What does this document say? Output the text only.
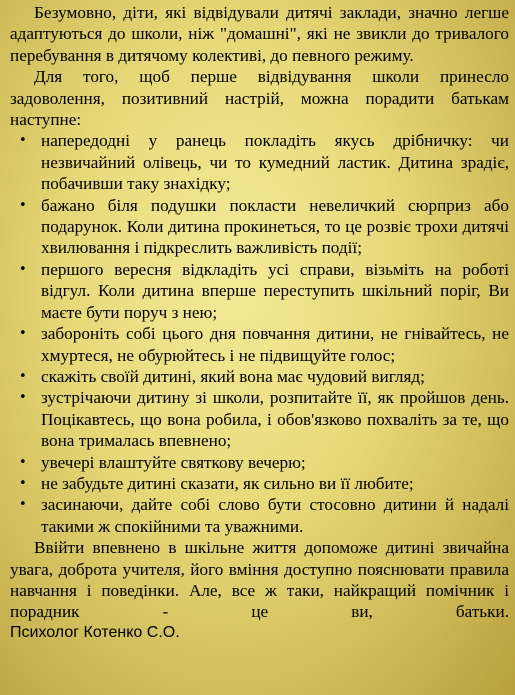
Безумовно, діти, які відвідували дитячі заклади, значно легше адаптуються до школи, ніж "домашні", які не звикли до тривалого перебування в дитячому колективі, до певного режиму.

Для того, щоб перше відвідування школи принесло задоволення, позитивний настрій, можна порадити батькам наступне:

• напередодні у ранець покладіть якусь дрібничку: чи незвичайний олівець, чи то кумедний ластик. Дитина зрадіє, побачивши таку знахідку;
• бажано біля подушки покласти невеличкий сюрприз або подарунок. Коли дитина прокинеться, то це розвіє трохи дитячі хвилювання і підкреслить важливість події;
• першого вересня відкладіть усі справи, візьміть на роботі відгул. Коли дитина вперше переступить шкільний поріг, Ви маєте бути поруч з нею;
• забороніть собі цього дня повчання дитини, не гнівайтесь, не хмуртеся, не обурюйтесь і не підвищуйте голос;
• скажіть своїй дитині, який вона має чудовий вигляд;
• зустрічаючи дитину зі школи, розпитайте її, як пройшов день. Поцікавтесь, що вона робила, і обов'язково похваліть за те, що вона трималась впевнено;
• увечері влаштуйте святкову вечерю;
• не забудьте дитині сказати, як сильно ви її любите;
• засинаючи, дайте собі слово бути стосовно дитини й надалі такими ж спокійними та уважними.

Ввійти впевнено в шкільне життя допоможе дитині звичайна увага, доброта учителя, його вміння доступно пояснювати правила навчання і поведінки. Але, все ж таки, найкращий помічник і порадник - це ви, батьки.

Психолог Котенко С.О.
